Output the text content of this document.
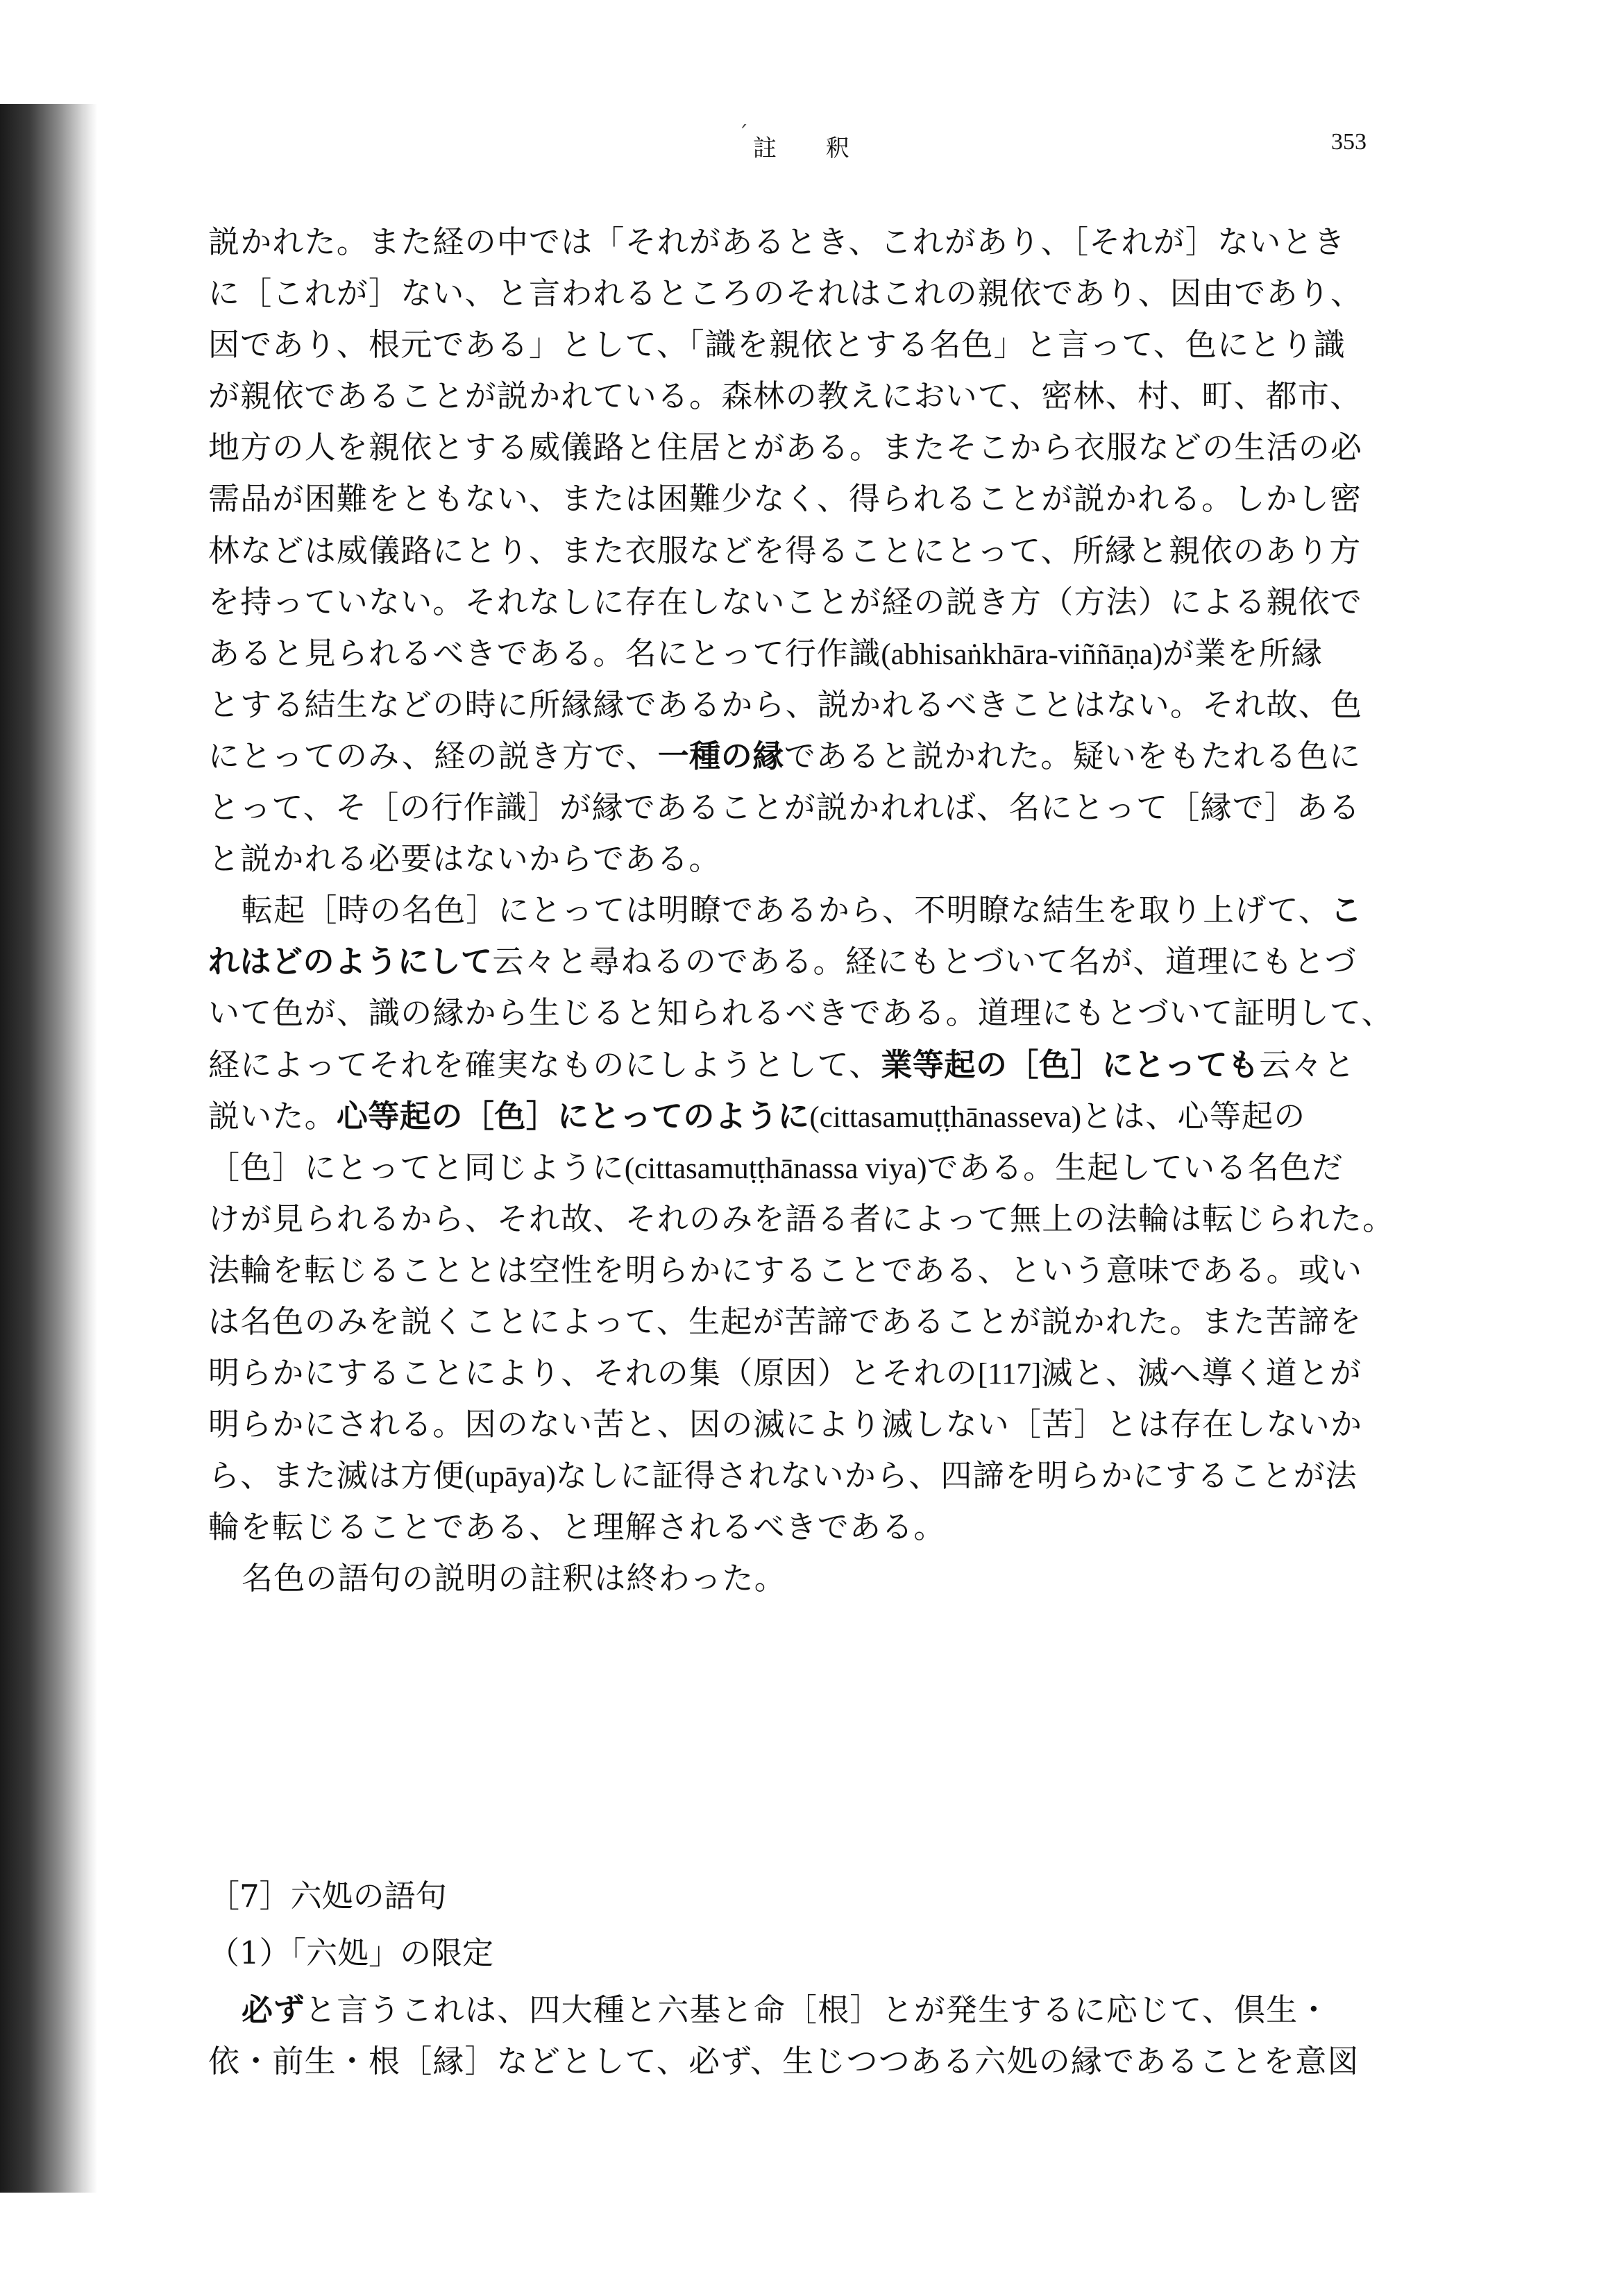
´
註 釈	353
説かれた。また経の中では「それがあるとき、これがあり、［それが］ないとき
に［これが］ない、と言われるところのそれはこれの親依であり、因由であり、
因であり、根元である」として、「識を親依とする名色」と言って、色にとり識
が親依であることが説かれている。森林の教えにおいて、密林、村、町、都市、
地方の人を親依とする威儀路と住居とがある。またそこから衣服などの生活の必
需品が困難をともない、または困難少なく、得られることが説かれる。しかし密
林などは威儀路にとり、また衣服などを得ることにとって、所縁と親依のあり方
を持っていない。それなしに存在しないことが経の説き方（方法）による親依で
あると見られるべきである。名にとって行作識(abhisaṅkhāra-viññāṇa)が業を所縁
とする結生などの時に所縁縁であるから、説かれるべきことはない。それ故、色
にとってのみ、経の説き方で、一種の縁であると説かれた。疑いをもたれる色に
とって、そ［の行作識］が縁であることが説かれれば、名にとって［縁で］ある
と説かれる必要はないからである。
転起［時の名色］にとっては明瞭であるから、不明瞭な結生を取り上げて、こ
れはどのようにして云々と尋ねるのである。経にもとづいて名が、道理にもとづ
いて色が、識の縁から生じると知られるべきである。道理にもとづいて証明して、
経によってそれを確実なものにしようとして、業等起の［色］にとっても云々と
説いた。心等起の［色］にとってのように(cittasamuṭṭhānasseva)とは、心等起の
［色］にとってと同じように(cittasamuṭṭhānassa viya)である。生起している名色だ
けが見られるから、それ故、それのみを語る者によって無上の法輪は転じられた。
法輪を転じることとは空性を明らかにすることである、という意味である。或い
は名色のみを説くことによって、生起が苦諦であることが説かれた。また苦諦を
明らかにすることにより、それの集（原因）とそれの[117]滅と、滅へ導く道とが
明らかにされる。因のない苦と、因の滅により滅しない［苦］とは存在しないか
ら、また滅は方便(upāya)なしに証得されないから、四諦を明らかにすることが法
輪を転じることである、と理解されるべきである。
名色の語句の説明の註釈は終わった。
［7］六処の語句
（1）「六処」の限定
必ずと言うこれは、四大種と六基と命［根］とが発生するに応じて、倶生・
依・前生・根［縁］などとして、必ず、生じつつある六処の縁であることを意図
